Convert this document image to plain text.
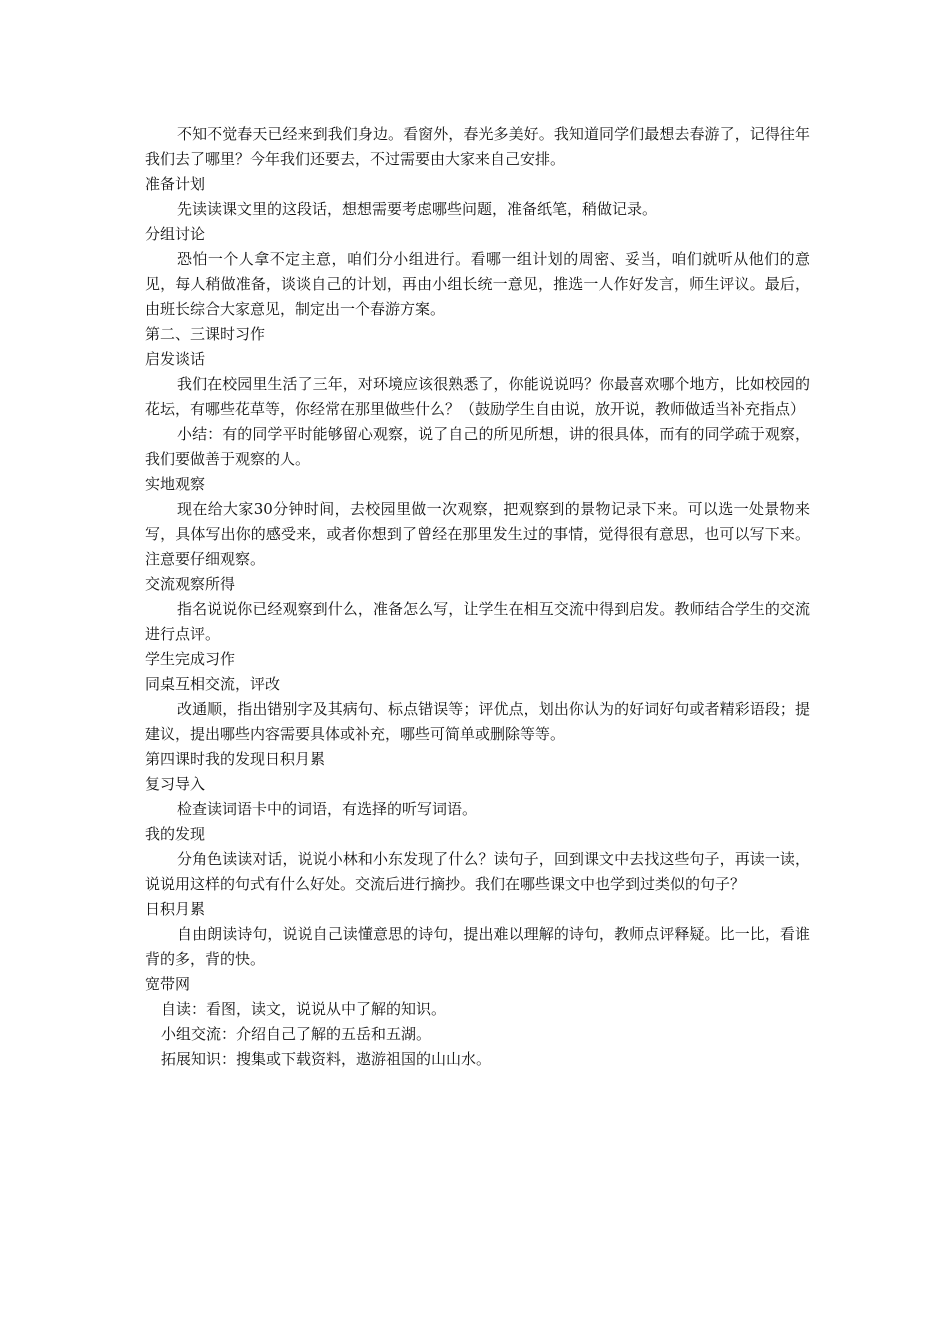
不知不觉春天已经来到我们身边。看窗外，春光多美好。我知道同学们最想去春游了，记得往年我们去了哪里？今年我们还要去，不过需要由大家来自己安排。

准备计划

先读读课文里的这段话，想想需要考虑哪些问题，准备纸笔，稍做记录。

分组讨论

恐怕一个人拿不定主意，咱们分小组进行。看哪一组计划的周密、妥当，咱们就听从他们的意见，每人稍做准备，谈谈自己的计划，再由小组长统一意见，推选一人作好发言，师生评议。最后，由班长综合大家意见，制定出一个春游方案。

第二、三课时习作

启发谈话

我们在校园里生活了三年，对环境应该很熟悉了，你能说说吗？你最喜欢哪个地方，比如校园的花坛，有哪些花草等，你经常在那里做些什么？（鼓励学生自由说，放开说，教师做适当补充指点）

小结：有的同学平时能够留心观察，说了自己的所见所想，讲的很具体，而有的同学疏于观察，我们要做善于观察的人。

实地观察

现在给大家30分钟时间，去校园里做一次观察，把观察到的景物记录下来。可以选一处景物来写，具体写出你的感受来，或者你想到了曾经在那里发生过的事情，觉得很有意思，也可以写下来。注意要仔细观察。

交流观察所得

指名说说你已经观察到什么，准备怎么写，让学生在相互交流中得到启发。教师结合学生的交流进行点评。

学生完成习作

同桌互相交流，评改

改通顺，指出错别字及其病句、标点错误等；评优点，划出你认为的好词好句或者精彩语段；提建议，提出哪些内容需要具体或补充，哪些可简单或删除等等。

第四课时我的发现日积月累

复习导入

检查读词语卡中的词语，有选择的听写词语。

我的发现

分角色读读对话，说说小林和小东发现了什么？读句子，回到课文中去找这些句子，再读一读，说说用这样的句式有什么好处。交流后进行摘抄。我们在哪些课文中也学到过类似的句子？

日积月累

自由朗读诗句，说说自己读懂意思的诗句，提出难以理解的诗句，教师点评释疑。比一比，看谁背的多，背的快。

宽带网

自读：看图，读文，说说从中了解的知识。

小组交流：介绍自己了解的五岳和五湖。

拓展知识：搜集或下载资料，遨游祖国的山山水。
